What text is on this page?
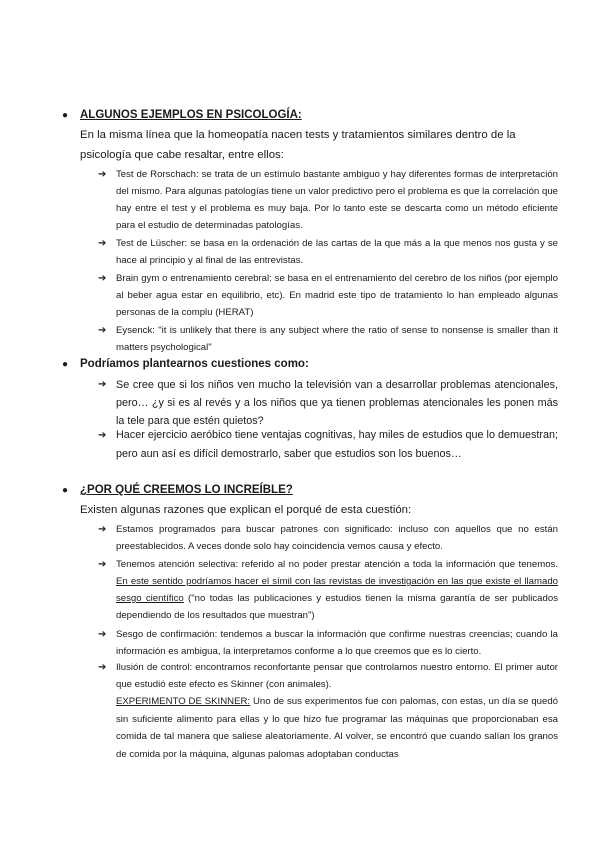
●	ALGUNOS EJEMPLOS EN PSICOLOGÍA:
En la misma línea que la homeopatía nacen tests y tratamientos similares dentro de la psicología que cabe resaltar, entre ellos:
➔	Test de Rorschach: se trata de un estímulo bastante ambiguo y hay diferentes formas de interpretación del mismo. Para algunas patologías tiene un valor predictivo pero el problema es que la correlación que hay entre el test y el problema es muy baja. Por lo tanto este se descarta como un método eficiente para el estudio de determinadas patologías.
➔	Test de Lüscher: se basa en la ordenación de las cartas de la que más a la que menos nos gusta y se hace al principio y al final de las entrevistas.
➔	Brain gym o entrenamiento cerebral: se basa en el entrenamiento del cerebro de los niños (por ejemplo al beber agua estar en equilibrio, etc). En madrid este tipo de tratamiento lo han empleado algunas personas de la complu (HERAT)
➔	Eysenck: "it is unlikely that there is any subject where the ratio of sense to nonsense is smaller than it matters psychological"
●	Podríamos plantearnos cuestiones como:
➔ Se cree que si los niños ven mucho la televisión van a desarrollar problemas atencionales, pero… ¿y si es al revés y a los niños que ya tienen problemas atencionales les ponen más la tele para que estén quietos?
➔ Hacer ejercicio aeróbico tiene ventajas cognitivas, hay miles de estudios que lo demuestran; pero aun así es difícil demostrarlo, saber que estudios son los buenos…
●	¿POR QUÉ CREEMOS LO INCREÍBLE?
Existen algunas razones que explican el porqué de esta cuestión:
➔	Estamos programados para buscar patrones con significado: incluso con aquellos que no están preestablecidos. A veces donde solo hay coincidencia vemos causa y efecto.
➔	Tenemos atención selectiva: referido al no poder prestar atención a toda la información que tenemos. En este sentido podríamos hacer el símil con las revistas de investigación en las que existe el llamado sesgo científico ("no todas las publicaciones y estudios tienen la misma garantía de ser publicados dependiendo de los resultados que muestran")
➔	Sesgo de confirmación: tendemos a buscar la información que confirme nuestras creencias; cuando la información es ambigua, la interpretamos conforme a lo que creemos que es lo cierto.
➔	Ilusión de control: encontramos reconfortante pensar que controlamos nuestro entorno. El primer autor que estudió este efecto es Skinner (con animales).
EXPERIMENTO DE SKINNER: Uno de sus experimentos fue con palomas, con estas, un día se quedó sin suficiente alimento para ellas y lo que hizo fue programar las máquinas que proporcionaban esa comida de tal manera que saliese aleatoriamente. Al volver, se encontró que cuando salían los granos de comida por la máquina, algunas palomas adoptaban conductas
